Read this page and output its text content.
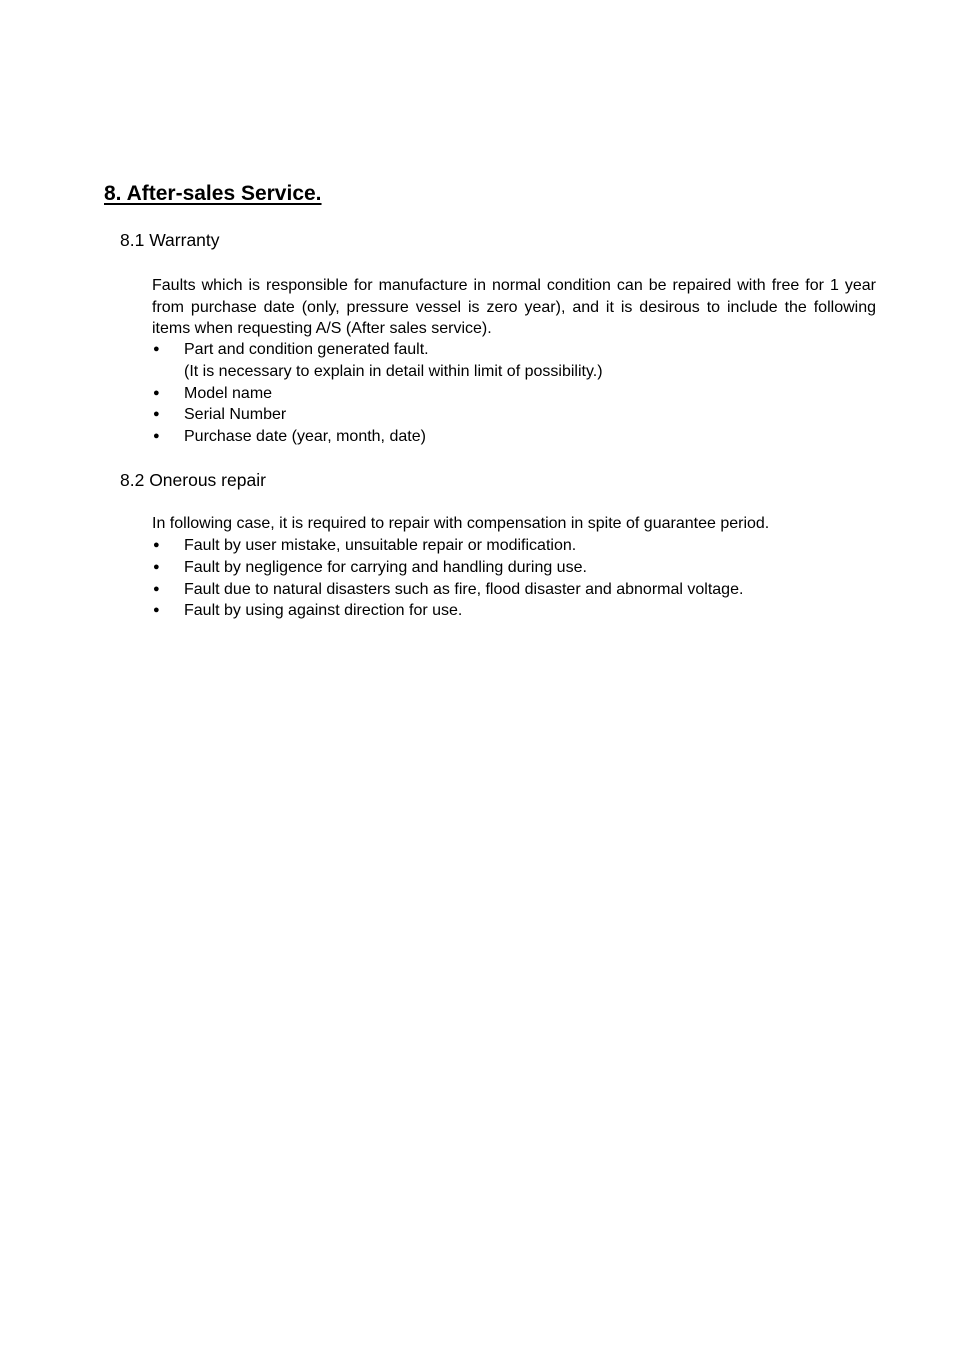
8. After-sales Service.
8.1 Warranty

Faults which is responsible for manufacture in normal condition can be repaired with free for 1 year from purchase date (only, pressure vessel is zero year), and it is desirous to include the following items when requesting A/S (After sales service).

● Part and condition generated fault.
(It is necessary to explain in detail within limit of possibility.)
● Model name
● Serial Number
● Purchase date (year, month, date)
8.2 Onerous repair

In following case, it is required to repair with compensation in spite of guarantee period.

● Fault by user mistake, unsuitable repair or modification.
● Fault by negligence for carrying and handling during use.
● Fault due to natural disasters such as fire, flood disaster and abnormal voltage.
● Fault by using against direction for use.
